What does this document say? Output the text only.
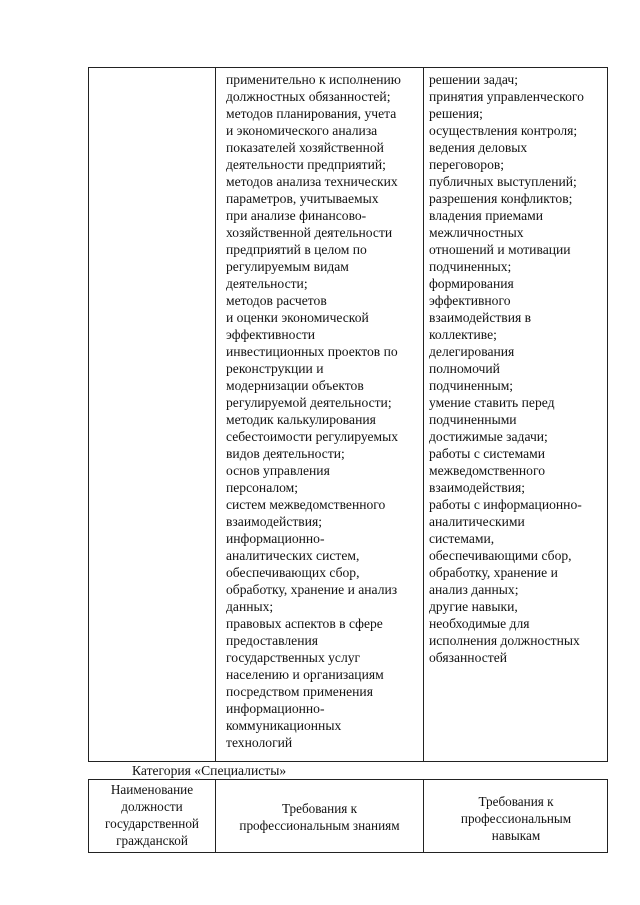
применительно к исполнению
должностных обязанностей;
методов планирования, учета
и экономического анализа
показателей хозяйственной
деятельности предприятий;
методов анализа технических
параметров, учитываемых
при анализе финансово-
хозяйственной деятельности
предприятий в целом по
регулируемым видам
деятельности;
методов расчетов
и оценки экономической
эффективности
инвестиционных проектов по
реконструкции и
модернизации объектов
регулируемой деятельности;
методик калькулирования
себестоимости регулируемых
видов деятельности;
основ управления
персоналом;
систем межведомственного
взаимодействия;
информационно-
аналитических систем,
обеспечивающих сбор,
обработку, хранение и анализ
данных;
правовых аспектов в сфере
предоставления
государственных услуг
населению и организациям
посредством применения
информационно-
коммуникационных
технологий
решении задач;
принятия управленческого
решения;
осуществления контроля;
ведения деловых
переговоров;
публичных выступлений;
разрешения конфликтов;
владения приемами
межличностных
отношений и мотивации
подчиненных;
формирования
эффективного
взаимодействия в
коллективе;
делегирования
полномочий
подчиненным;
умение ставить перед
подчиненными
достижимые задачи;
работы с системами
межведомственного
взаимодействия;
работы с информационно-
аналитическими
системами,
обеспечивающими сбор,
обработку, хранение и
анализ данных;
другие навыки,
необходимые для
исполнения должностных
обязанностей
Категория «Специалисты»
Наименование
должности
государственной
гражданской
Требования к
профессиональным знаниям
Требования к
профессиональным
навыкам
